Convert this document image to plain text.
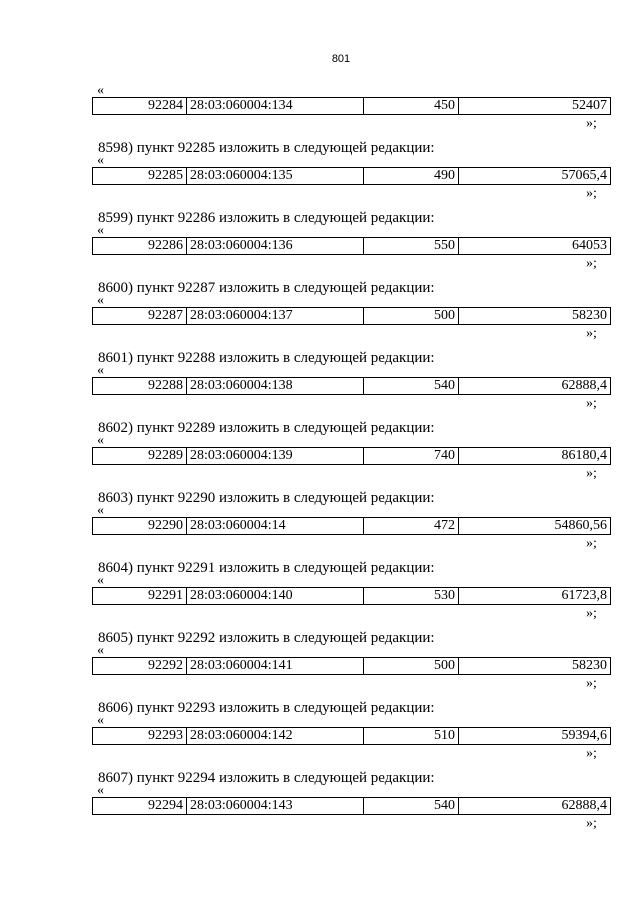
801
«
92284	28:03:060004:134	450	52407
»;
8598) пункт 92285 изложить в следующей редакции:
«
92285	28:03:060004:135	490	57065,4
»;
8599) пункт 92286 изложить в следующей редакции:
«
92286	28:03:060004:136	550	64053
»;
8600) пункт 92287 изложить в следующей редакции:
«
92287	28:03:060004:137	500	58230
»;
8601) пункт 92288 изложить в следующей редакции:
«
92288	28:03:060004:138	540	62888,4
»;
8602) пункт 92289 изложить в следующей редакции:
«
92289	28:03:060004:139	740	86180,4
»;
8603) пункт 92290 изложить в следующей редакции:
«
92290	28:03:060004:14	472	54860,56
»;
8604) пункт 92291 изложить в следующей редакции:
«
92291	28:03:060004:140	530	61723,8
»;
8605) пункт 92292 изложить в следующей редакции:
«
92292	28:03:060004:141	500	58230
»;
8606) пункт 92293 изложить в следующей редакции:
«
92293	28:03:060004:142	510	59394,6
»;
8607) пункт 92294 изложить в следующей редакции:
«
92294	28:03:060004:143	540	62888,4
»;
